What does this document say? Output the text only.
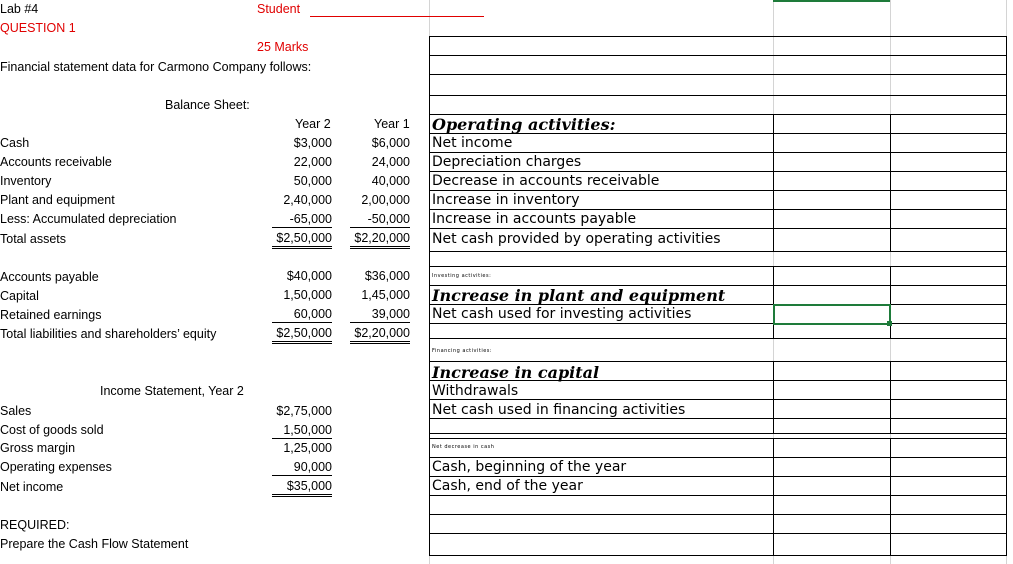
Lab #4	Student
QUESTION 1
25 Marks
Financial statement data for Carmono Company follows:
Balance Sheet:
Year 2	Year 1
Cash	$3,000	$6,000
Accounts receivable	22,000	24,000
Inventory	50,000	40,000
Plant and equipment	2,40,000	2,00,000
Less: Accumulated depreciation	-65,000	-50,000
Total assets	$2,50,000	$2,20,000
Accounts payable	$40,000	$36,000
Capital	1,50,000	1,45,000
Retained earnings	60,000	39,000
Total liabilities and shareholders’ equity	$2,50,000	$2,20,000
Income Statement, Year 2
Sales	$2,75,000
Cost of goods sold	1,50,000
Gross margin	1,25,000
Operating expenses	90,000
Net income	$35,000
REQUIRED:
Prepare the Cash Flow Statement
Operating activities:
Net income
Depreciation charges
Decrease in accounts receivable
Increase in inventory
Increase in accounts payable
Net cash provided by operating activities
Investing activities:
Increase in plant and equipment
Net cash used for investing activities
Financing activities:
Increase in capital
Withdrawals
Net cash used in financing activities
Net decrease in cash
Cash, beginning of the year
Cash, end of the year
